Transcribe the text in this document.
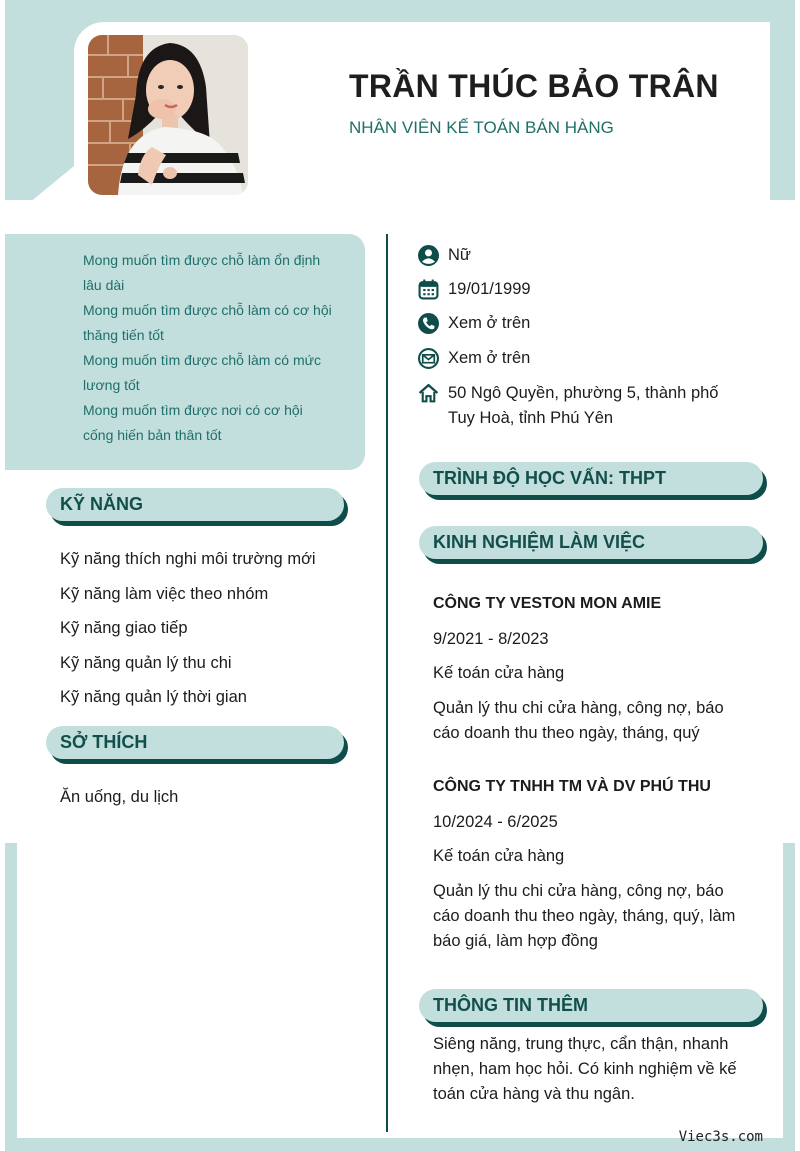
TRẦN THÚC BẢO TRÂN
NHÂN VIÊN KẾ TOÁN BÁN HÀNG

Mong muốn tìm được chỗ làm ổn định lâu dài

Mong muốn tìm được chỗ làm có cơ hội thăng tiến tốt

Mong muốn tìm được chỗ làm có mức lương tốt

Mong muốn tìm được nơi có cơ hội cống hiến bản thân tốt

KỸ NĂNG
Kỹ năng thích nghi môi trường mới
Kỹ năng làm việc theo nhóm
Kỹ năng giao tiếp
Kỹ năng quản lý thu chi
Kỹ năng quản lý thời gian
SỞ THÍCH
Ăn uống, du lịch
Nữ
19/01/1999
Xem ở trên
Xem ở trên
50 Ngô Quyền, phường 5, thành phố
Tuy Hoà, tỉnh Phú Yên
TRÌNH ĐỘ HỌC VẤN: THPT
KINH NGHIỆM LÀM VIỆC
CÔNG TY VESTON MON AMIE
9/2021 - 8/2023
Kế toán cửa hàng
Quản lý thu chi cửa hàng, công nợ, báo
cáo doanh thu theo ngày, tháng, quý
CÔNG TY TNHH TM VÀ DV PHÚ THU
10/2024 - 6/2025
Kế toán cửa hàng
Quản lý thu chi cửa hàng, công nợ, báo
cáo doanh thu theo ngày, tháng, quý, làm
báo giá, làm hợp đồng
THÔNG TIN THÊM
Siêng năng, trung thực, cẩn thận, nhanh
nhẹn, ham học hỏi. Có kinh nghiệm về kế
toán cửa hàng và thu ngân.
Viec3s.com
